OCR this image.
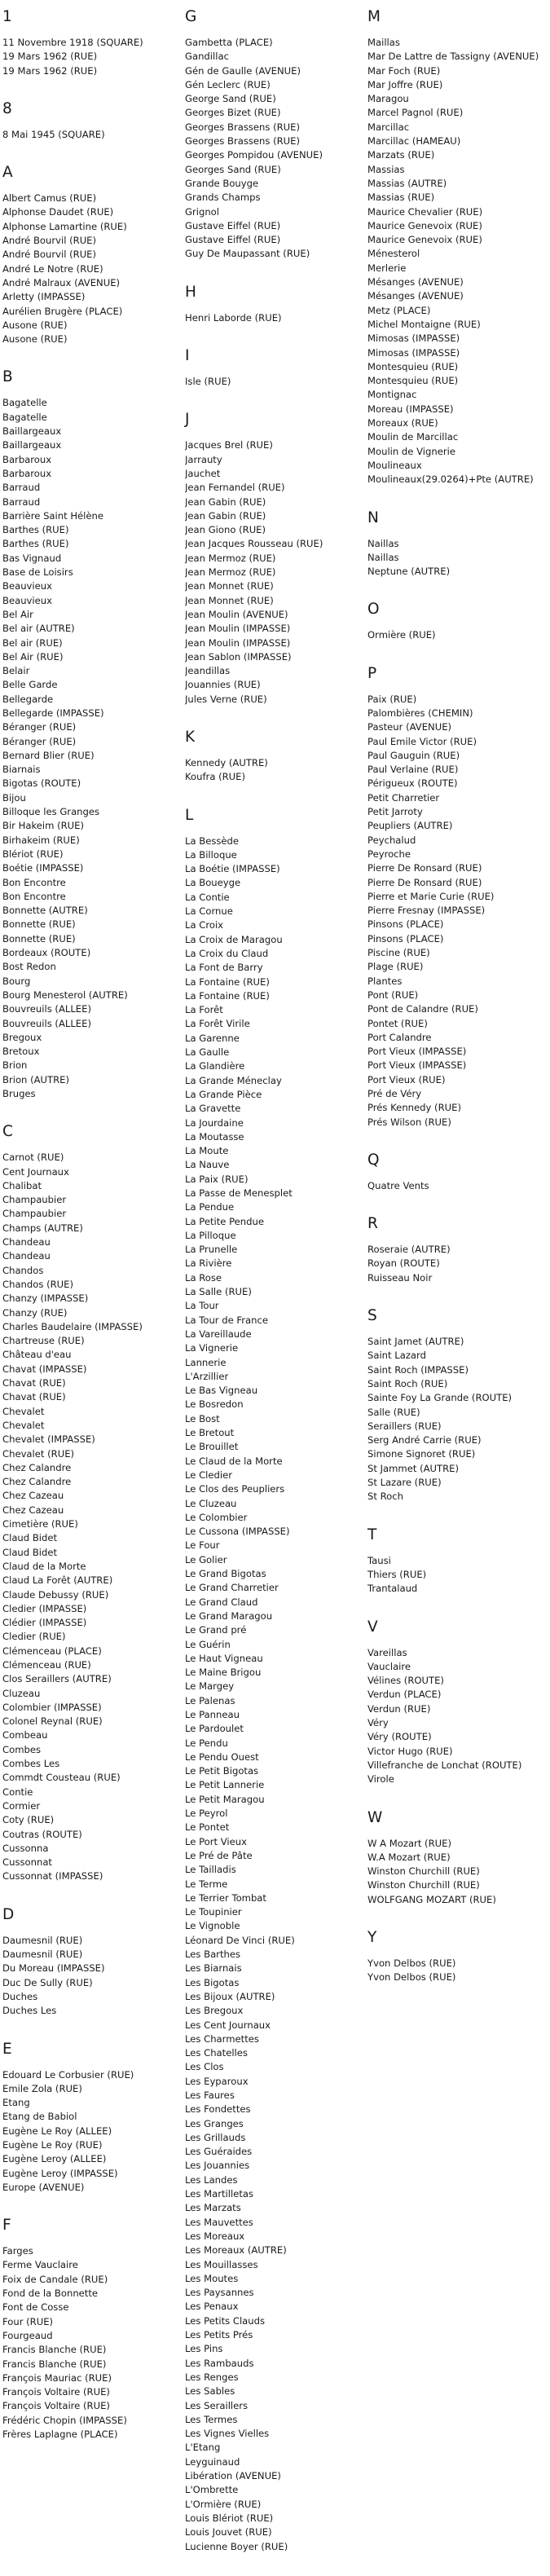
1
11 Novembre 1918 (SQUARE)
19 Mars 1962 (RUE)
19 Mars 1962 (RUE)
8
8 Mai 1945 (SQUARE)
A
Albert Camus (RUE)
Alphonse Daudet (RUE)
Alphonse Lamartine (RUE)
André Bourvil (RUE)
André Bourvil (RUE)
André Le Notre (RUE)
André Malraux (AVENUE)
Arletty (IMPASSE)
Aurélien Brugère (PLACE)
Ausone (RUE)
Ausone (RUE)
B
Bagatelle
Bagatelle
Baillargeaux
Baillargeaux
Barbaroux
Barbaroux
Barraud
Barraud
Barrière Saint Hélène
Barthes (RUE)
Barthes (RUE)
Bas Vignaud
Base de Loisirs
Beauvieux
Beauvieux
Bel Air
Bel air (AUTRE)
Bel air (RUE)
Bel Air (RUE)
Belair
Belle Garde
Bellegarde
Bellegarde (IMPASSE)
Béranger (RUE)
Béranger (RUE)
Bernard Blier (RUE)
Biarnais
Bigotas (ROUTE)
Bijou
Billoque les Granges
Bir Hakeim (RUE)
Birhakeim (RUE)
Blériot (RUE)
Boétie (IMPASSE)
Bon Encontre
Bon Encontre
Bonnette (AUTRE)
Bonnette (RUE)
Bonnette (RUE)
Bordeaux (ROUTE)
Bost Redon
Bourg
Bourg Menesterol (AUTRE)
Bouvreuils (ALLEE)
Bouvreuils (ALLEE)
Bregoux
Bretoux
Brion
Brion (AUTRE)
Bruges
C
Carnot (RUE)
Cent Journaux
Chalibat
Champaubier
Champaubier
Champs (AUTRE)
Chandeau
Chandeau
Chandos
Chandos (RUE)
Chanzy (IMPASSE)
Chanzy (RUE)
Charles Baudelaire (IMPASSE)
Chartreuse (RUE)
Château d'eau
Chavat (IMPASSE)
Chavat (RUE)
Chavat (RUE)
Chevalet
Chevalet
Chevalet (IMPASSE)
Chevalet (RUE)
Chez Calandre
Chez Calandre
Chez Cazeau
Chez Cazeau
Cimetière (RUE)
Claud Bidet
Claud Bidet
Claud de la Morte
Claud La Forêt (AUTRE)
Claude Debussy (RUE)
Cledier (IMPASSE)
Clédier (IMPASSE)
Cledier (RUE)
Clémenceau (PLACE)
Clémenceau (RUE)
Clos Seraillers (AUTRE)
Cluzeau
Colombier (IMPASSE)
Colonel Reynal (RUE)
Combeau
Combes
Combes Les
Commdt Cousteau (RUE)
Contie
Cormier
Coty (RUE)
Coutras (ROUTE)
Cussonna
Cussonnat
Cussonnat (IMPASSE)
D
Daumesnil (RUE)
Daumesnil (RUE)
Du Moreau (IMPASSE)
Duc De Sully (RUE)
Duches
Duches Les
E
Edouard Le Corbusier (RUE)
Emile Zola (RUE)
Etang
Etang de Babiol
Eugène Le Roy (ALLEE)
Eugène Le Roy (RUE)
Eugène Leroy (ALLEE)
Eugène Leroy (IMPASSE)
Europe (AVENUE)
F
Farges
Ferme Vauclaire
Foix de Candale (RUE)
Fond de la Bonnette
Font de Cosse
Four (RUE)
Fourgeaud
Francis Blanche (RUE)
Francis Blanche (RUE)
François Mauriac (RUE)
François Voltaire (RUE)
François Voltaire (RUE)
Frédéric Chopin (IMPASSE)
Frères Laplagne (PLACE)
G
Gambetta (PLACE)
Gandillac
Gén de Gaulle (AVENUE)
Gén Leclerc (RUE)
George Sand (RUE)
Georges Bizet (RUE)
Georges Brassens (RUE)
Georges Brassens (RUE)
Georges Pompidou (AVENUE)
Georges Sand (RUE)
Grande Bouyge
Grands Champs
Grignol
Gustave Eiffel (RUE)
Gustave Eiffel (RUE)
Guy De Maupassant (RUE)
H
Henri Laborde (RUE)
I
Isle (RUE)
J
Jacques Brel (RUE)
Jarrauty
Jauchet
Jean Fernandel (RUE)
Jean Gabin (RUE)
Jean Gabin (RUE)
Jean Giono (RUE)
Jean Jacques Rousseau (RUE)
Jean Mermoz (RUE)
Jean Mermoz (RUE)
Jean Monnet (RUE)
Jean Monnet (RUE)
Jean Moulin (AVENUE)
Jean Moulin (IMPASSE)
Jean Moulin (IMPASSE)
Jean Sablon (IMPASSE)
Jeandillas
Jouannies (RUE)
Jules Verne (RUE)
K
Kennedy (AUTRE)
Koufra (RUE)
L
La Bessède
La Billoque
La Boétie (IMPASSE)
La Boueyge
La Contie
La Cornue
La Croix
La Croix de Maragou
La Croix du Claud
La Font de Barry
La Fontaine (RUE)
La Fontaine (RUE)
La Forêt
La Forêt Virile
La Garenne
La Gaulle
La Glandière
La Grande Méneclay
La Grande Pièce
La Gravette
La Jourdaine
La Moutasse
La Moute
La Nauve
La Paix (RUE)
La Passe de Menesplet
La Pendue
La Petite Pendue
La Pilloque
La Prunelle
La Rivière
La Rose
La Salle (RUE)
La Tour
La Tour de France
La Vareillaude
La Vignerie
Lannerie
L'Arzillier
Le Bas Vigneau
Le Bosredon
Le Bost
Le Bretout
Le Brouillet
Le Claud de la Morte
Le Cledier
Le Clos des Peupliers
Le Cluzeau
Le Colombier
Le Cussona (IMPASSE)
Le Four
Le Golier
Le Grand Bigotas
Le Grand Charretier
Le Grand Claud
Le Grand Maragou
Le Grand pré
Le Guérin
Le Haut Vigneau
Le Maine Brigou
Le Margey
Le Palenas
Le Panneau
Le Pardoulet
Le Pendu
Le Pendu Ouest
Le Petit Bigotas
Le Petit Lannerie
Le Petit Maragou
Le Peyrol
Le Pontet
Le Port Vieux
Le Pré de Pâte
Le Tailladis
Le Terme
Le Terrier Tombat
Le Toupinier
Le Vignoble
Léonard De Vinci (RUE)
Les Barthes
Les Biarnais
Les Bigotas
Les Bijoux (AUTRE)
Les Bregoux
Les Cent Journaux
Les Charmettes
Les Chatelles
Les Clos
Les Eyparoux
Les Faures
Les Fondettes
Les Granges
Les Grillauds
Les Guéraides
Les Jouannies
Les Landes
Les Martilletas
Les Marzats
Les Mauvettes
Les Moreaux
Les Moreaux (AUTRE)
Les Mouillasses
Les Moutes
Les Paysannes
Les Penaux
Les Petits Clauds
Les Petits Prés
Les Pins
Les Rambauds
Les Renges
Les Sables
Les Seraillers
Les Termes
Les Vignes Vielles
L'Etang
Leyguinaud
Libération (AVENUE)
L'Ombrette
L'Ormière (RUE)
Louis Blériot (RUE)
Louis Jouvet (RUE)
Lucienne Boyer (RUE)
M
Maillas
Mar De Lattre de Tassigny (AVENUE)
Mar Foch (RUE)
Mar Joffre (RUE)
Maragou
Marcel Pagnol (RUE)
Marcillac
Marcillac (HAMEAU)
Marzats (RUE)
Massias
Massias (AUTRE)
Massias (RUE)
Maurice Chevalier (RUE)
Maurice Genevoix (RUE)
Maurice Genevoix (RUE)
Ménesterol
Merlerie
Mésanges (AVENUE)
Mésanges (AVENUE)
Metz (PLACE)
Michel Montaigne (RUE)
Mimosas (IMPASSE)
Mimosas (IMPASSE)
Montesquieu (RUE)
Montesquieu (RUE)
Montignac
Moreau (IMPASSE)
Moreaux (RUE)
Moulin de Marcillac
Moulin de Vignerie
Moulineaux
Moulineaux(29.0264)+Pte (AUTRE)
N
Naillas
Naillas
Neptune (AUTRE)
O
Ormière (RUE)
P
Paix (RUE)
Palombières (CHEMIN)
Pasteur (AVENUE)
Paul Emile Victor (RUE)
Paul Gauguin (RUE)
Paul Verlaine (RUE)
Périgueux (ROUTE)
Petit Charretier
Petit Jarroty
Peupliers (AUTRE)
Peychalud
Peyroche
Pierre De Ronsard (RUE)
Pierre De Ronsard (RUE)
Pierre et Marie Curie (RUE)
Pierre Fresnay (IMPASSE)
Pinsons (PLACE)
Pinsons (PLACE)
Piscine (RUE)
Plage (RUE)
Plantes
Pont (RUE)
Pont de Calandre (RUE)
Pontet (RUE)
Port Calandre
Port Vieux (IMPASSE)
Port Vieux (IMPASSE)
Port Vieux (RUE)
Pré de Véry
Prés Kennedy (RUE)
Prés Wilson (RUE)
Q
Quatre Vents
R
Roseraie (AUTRE)
Royan (ROUTE)
Ruisseau Noir
S
Saint Jamet (AUTRE)
Saint Lazard
Saint Roch (IMPASSE)
Saint Roch (RUE)
Sainte Foy La Grande (ROUTE)
Salle (RUE)
Seraillers (RUE)
Serg André Carrie (RUE)
Simone Signoret (RUE)
St Jammet (AUTRE)
St Lazare (RUE)
St Roch
T
Tausi
Thiers (RUE)
Trantalaud
V
Vareillas
Vauclaire
Vélines (ROUTE)
Verdun (PLACE)
Verdun (RUE)
Véry
Véry (ROUTE)
Victor Hugo (RUE)
Villefranche de Lonchat (ROUTE)
Virole
W
W A Mozart (RUE)
W.A Mozart (RUE)
Winston Churchill (RUE)
Winston Churchill (RUE)
WOLFGANG MOZART (RUE)
Y
Yvon Delbos (RUE)
Yvon Delbos (RUE)
